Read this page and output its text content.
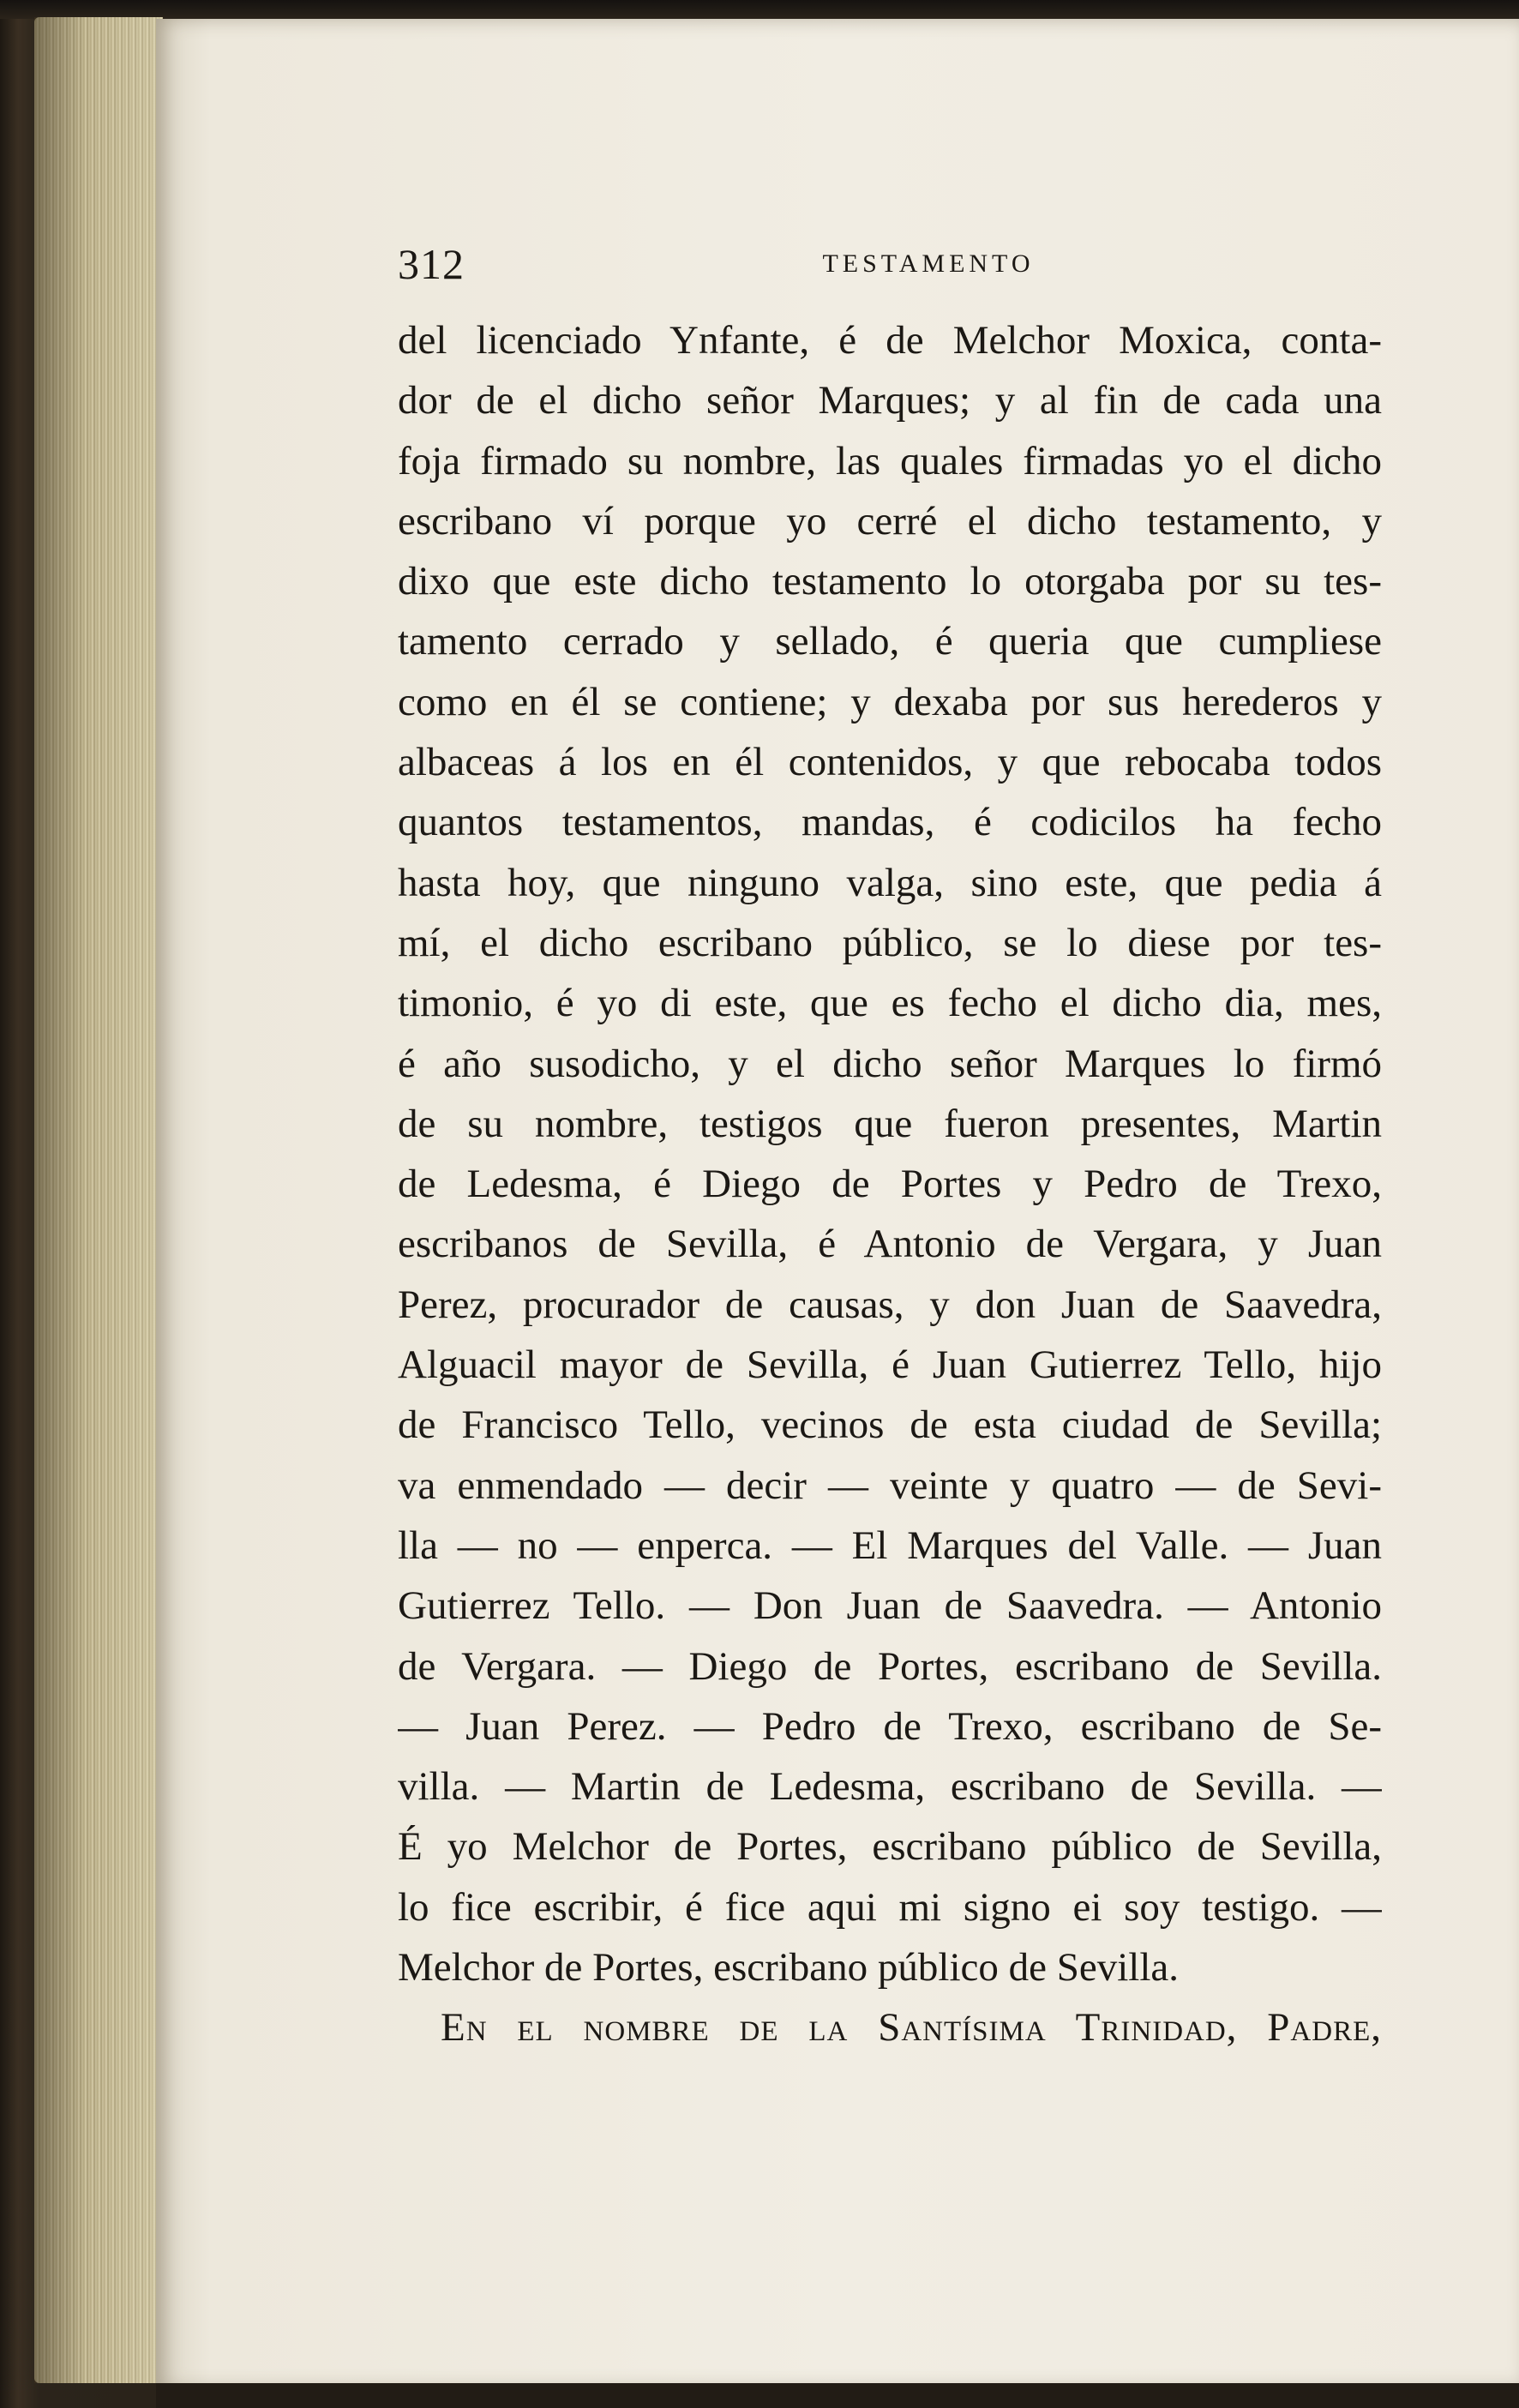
312	TESTAMENTO
del licenciado Ynfante, é de Melchor Moxica, conta-
dor de el dicho señor Marques; y al fin de cada una
foja firmado su nombre, las quales firmadas yo el dicho
escribano ví porque yo cerré el dicho testamento, y
dixo que este dicho testamento lo otorgaba por su tes-
tamento cerrado y sellado, é queria que cumpliese
como en él se contiene; y dexaba por sus herederos y
albaceas á los en él contenidos, y que rebocaba todos
quantos testamentos, mandas, é codicilos ha fecho
hasta hoy, que ninguno valga, sino este, que pedia á
mí, el dicho escribano público, se lo diese por tes-
timonio, é yo di este, que es fecho el dicho dia, mes,
é año susodicho, y el dicho señor Marques lo firmó
de su nombre, testigos que fueron presentes, Martin
de Ledesma, é Diego de Portes y Pedro de Trexo,
escribanos de Sevilla, é Antonio de Vergara, y Juan
Perez, procurador de causas, y don Juan de Saavedra,
Alguacil mayor de Sevilla, é Juan Gutierrez Tello, hijo
de Francisco Tello, vecinos de esta ciudad de Sevilla;
va enmendado — decir — veinte y quatro — de Sevi-
lla — no — enperca. — El Marques del Valle. — Juan
Gutierrez Tello. — Don Juan de Saavedra. — Antonio
de Vergara. — Diego de Portes, escribano de Sevilla.
— Juan Perez. — Pedro de Trexo, escribano de Se-
villa. — Martin de Ledesma, escribano de Sevilla. —
É yo Melchor de Portes, escribano público de Sevilla,
lo fice escribir, é fice aqui mi signo ei soy testigo. —
Melchor de Portes, escribano público de Sevilla.
En el nombre de la Santísima Trinidad, Padre,
